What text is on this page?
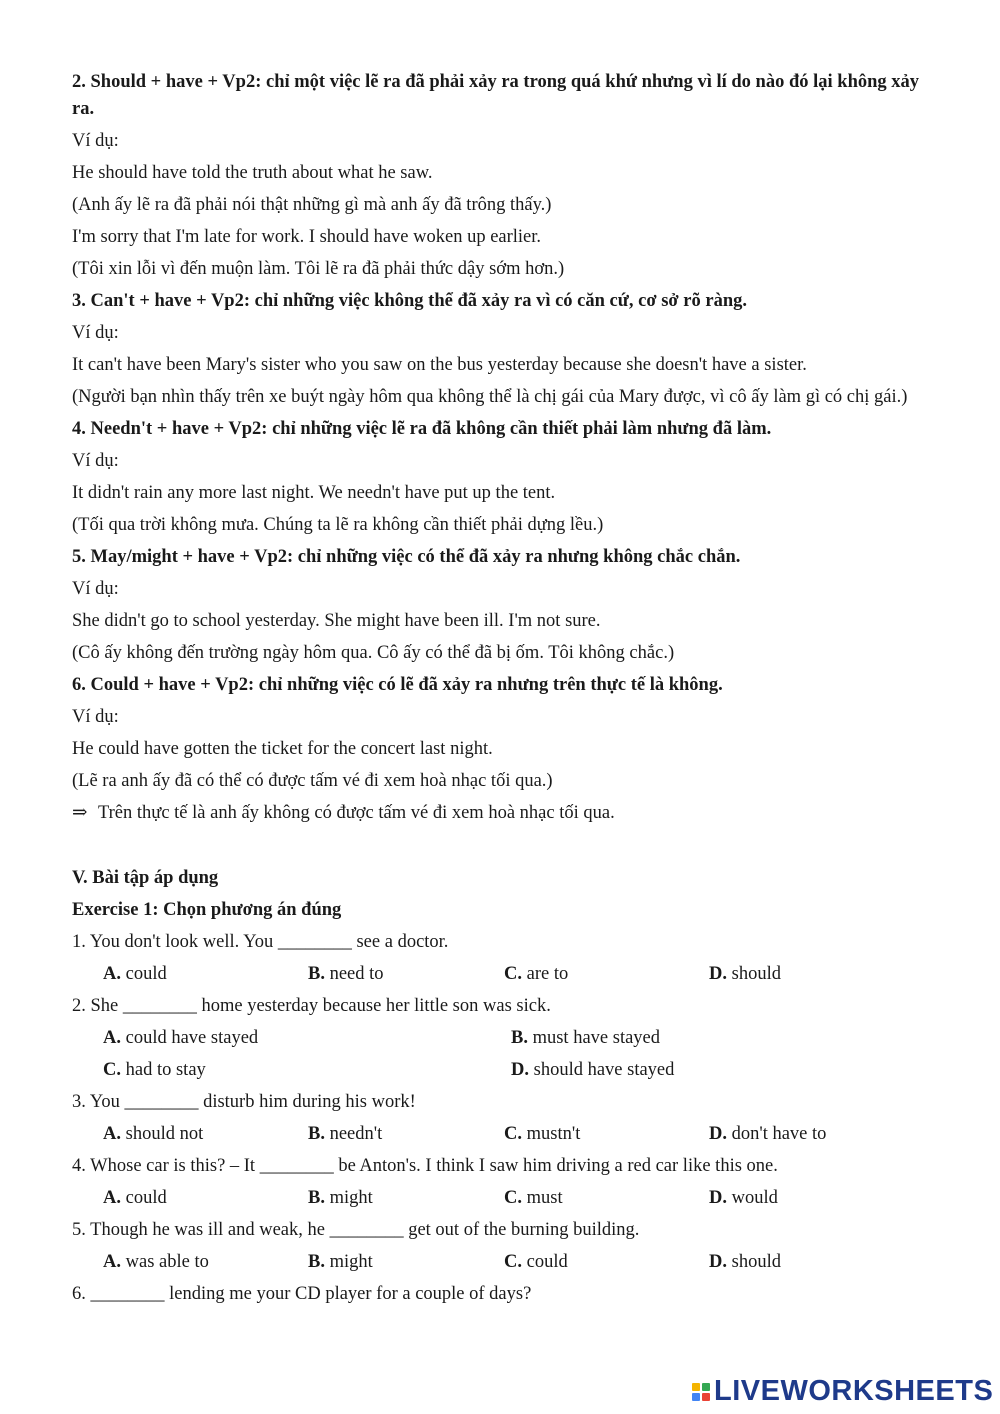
2. Should + have + Vp2: chỉ một việc lẽ ra đã phải xảy ra trong quá khứ nhưng vì lí do nào đó lại không xảy ra.
Ví dụ:
He should have told the truth about what he saw.
(Anh ấy lẽ ra đã phải nói thật những gì mà anh ấy đã trông thấy.)
I'm sorry that I'm late for work. I should have woken up earlier.
(Tôi xin lỗi vì đến muộn làm. Tôi lẽ ra đã phải thức dậy sớm hơn.)
3. Can't + have + Vp2: chỉ những việc không thể đã xảy ra vì có căn cứ, cơ sở rõ ràng.
Ví dụ:
It can't have been Mary's sister who you saw on the bus yesterday because she doesn't have a sister.
(Người bạn nhìn thấy trên xe buýt ngày hôm qua không thể là chị gái của Mary được, vì cô ấy làm gì có chị gái.)
4. Needn't + have + Vp2: chỉ những việc lẽ ra đã không cần thiết phải làm nhưng đã làm.
Ví dụ:
It didn't rain any more last night. We needn't have put up the tent.
(Tối qua trời không mưa. Chúng ta lẽ ra không cần thiết phải dựng lều.)
5. May/might + have + Vp2: chỉ những việc có thể đã xảy ra nhưng không chắc chắn.
Ví dụ:
She didn't go to school yesterday. She might have been ill. I'm not sure.
(Cô ấy không đến trường ngày hôm qua. Cô ấy có thể đã bị ốm. Tôi không chắc.)
6. Could + have + Vp2: chỉ những việc có lẽ đã xảy ra nhưng trên thực tế là không.
Ví dụ:
He could have gotten the ticket for the concert last night.
(Lẽ ra anh ấy đã có thể có được tấm vé đi xem hoà nhạc tối qua.)
⇒ Trên thực tế là anh ấy không có được tấm vé đi xem hoà nhạc tối qua.
V. Bài tập áp dụng
Exercise 1: Chọn phương án đúng
1. You don't look well. You ________ see a doctor.
A. could	B. need to	C. are to	D. should
2. She ________ home yesterday because her little son was sick.
A. could have stayed	B. must have stayed
C. had to stay	D. should have stayed
3. You ________ disturb him during his work!
A. should not	B. needn't	C. mustn't	D. don't have to
4. Whose car is this? – It ________ be Anton's. I think I saw him driving a red car like this one.
A. could	B. might	C. must	D. would
5. Though he was ill and weak, he ________ get out of the burning building.
A. was able to	B. might	C. could	D. should
6. ________ lending me your CD player for a couple of days?
LIVEWORKSHEETS
